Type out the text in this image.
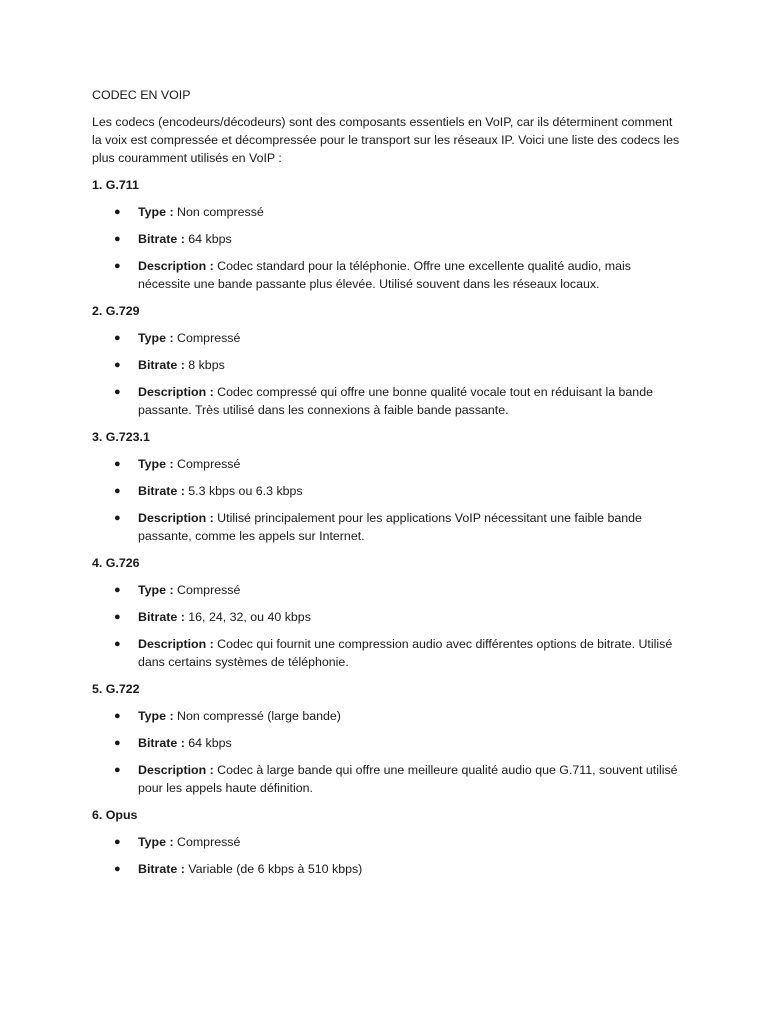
CODEC EN VOIP

Les codecs (encodeurs/décodeurs) sont des composants essentiels en VoIP, car ils déterminent comment la voix est compressée et décompressée pour le transport sur les réseaux IP. Voici une liste des codecs les plus couramment utilisés en VoIP :

1. G.711

● Type : Non compressé
● Bitrate : 64 kbps
● Description : Codec standard pour la téléphonie. Offre une excellente qualité audio, mais nécessite une bande passante plus élevée. Utilisé souvent dans les réseaux locaux.

2. G.729

● Type : Compressé
● Bitrate : 8 kbps
● Description : Codec compressé qui offre une bonne qualité vocale tout en réduisant la bande passante. Très utilisé dans les connexions à faible bande passante.

3. G.723.1

● Type : Compressé
● Bitrate : 5.3 kbps ou 6.3 kbps
● Description : Utilisé principalement pour les applications VoIP nécessitant une faible bande passante, comme les appels sur Internet.

4. G.726

● Type : Compressé
● Bitrate : 16, 24, 32, ou 40 kbps
● Description : Codec qui fournit une compression audio avec différentes options de bitrate. Utilisé dans certains systèmes de téléphonie.

5. G.722

● Type : Non compressé (large bande)
● Bitrate : 64 kbps
● Description : Codec à large bande qui offre une meilleure qualité audio que G.711, souvent utilisé pour les appels haute définition.

6. Opus

● Type : Compressé
● Bitrate : Variable (de 6 kbps à 510 kbps)
